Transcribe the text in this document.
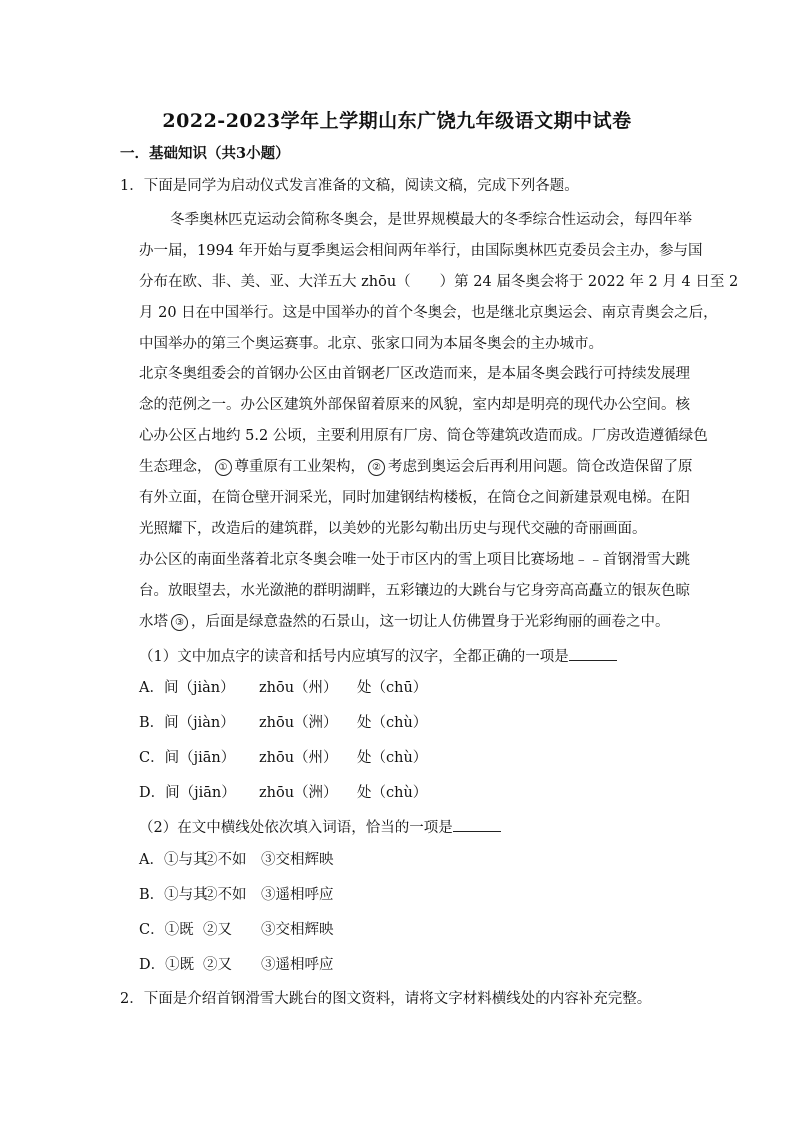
2022-2023学年上学期山东广饶九年级语文期中试卷
一．基础知识（共3小题）
1．下面是同学为启动仪式发言准备的文稿，阅读文稿，完成下列各题。
冬季奥林匹克运动会简称冬奥会，是世界规模最大的冬季综合性运动会，每四年举
办一届，1994 年开始与夏季奥运会相间两年举行，由国际奥林匹克委员会主办，参与国
分布在欧、非、美、亚、大洋五大 zhōu（　　）第 24 届冬奥会将于 2022 年 2 月 4 日至 2
月 20 日在中国举行。这是中国举办的首个冬奥会，也是继北京奥运会、南京青奥会之后，
中国举办的第三个奥运赛事。北京、张家口同为本届冬奥会的主办城市。
北京冬奥组委会的首钢办公区由首钢老厂区改造而来，是本届冬奥会践行可持续发展理
念的范例之一。办公区建筑外部保留着原来的风貌，室内却是明亮的现代办公空间。核
心办公区占地约 5.2 公顷，主要利用原有厂房、筒仓等建筑改造而成。厂房改造遵循绿色
生态理念， ① 尊重原有工业架构， ② 考虑到奥运会后再利用问题。筒仓改造保留了原
有外立面，在筒仓壁开洞采光，同时加建钢结构楼板，在筒仓之间新建景观电梯。在阳
光照耀下，改造后的建筑群，以美妙的光影勾勒出历史与现代交融的奇丽画面。
办公区的南面坐落着北京冬奥会唯一处于市区内的雪上项目比赛场地﹣﹣首钢滑雪大跳
台。放眼望去，水光潋滟的群明湖畔，五彩镶边的大跳台与它身旁高高矗立的银灰色晾
水塔 ③ ，后面是绿意盎然的石景山，这一切让人仿佛置身于光彩绚丽的画卷之中。
（1）文中加点字的读音和括号内应填写的汉字，全都正确的一项是
A．间（jiàn） zhōu（州） 处（chū）
B．间（jiàn） zhōu（洲） 处（chù）
C．间（jiān） zhōu（州） 处（chù）
D．间（jiān） zhōu（洲） 处（chù）
（2）在文中横线处依次填入词语，恰当的一项是
A．①与其②不如 ③交相辉映
B．①与其②不如 ③遥相呼应
C．①既 ②又 ③交相辉映
D．①既 ②又 ③遥相呼应
2．下面是介绍首钢滑雪大跳台的图文资料，请将文字材料横线处的内容补充完整。
